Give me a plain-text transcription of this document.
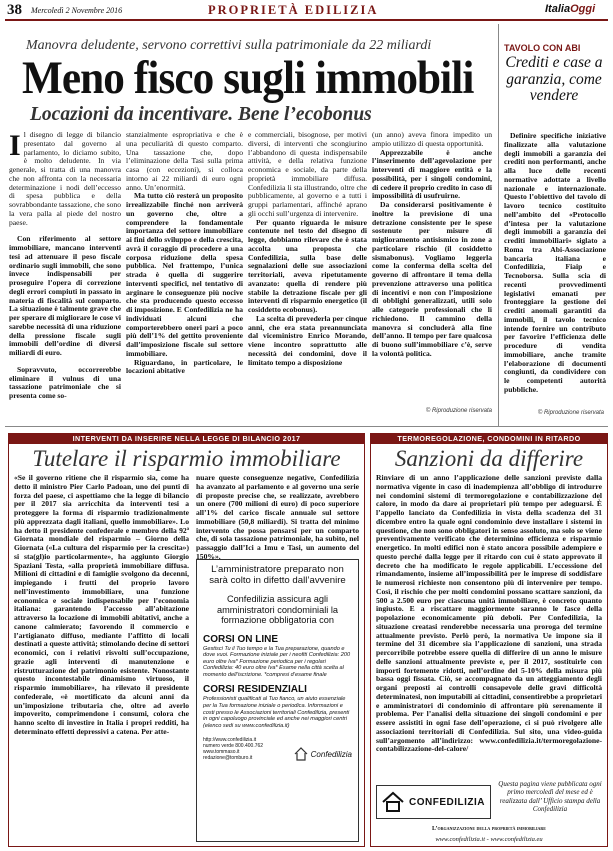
38 Mercoledì 2 Novembre 2016	PROPRIETÀ EDILIZIA	ItaliaOggi
Manovra deludente, servono correttivi sulla patrimoniale da 22 miliardi
Meno fisco sugli immobili
Locazioni da incentivare. Bene l’ecobonus
TAVOLO CON ABI
Crediti e case a garanzia, come vendere
Definire specifiche iniziative finalizzate alla valutazione degli immobili a garanzia dei crediti non performanti, anche alla luce delle recenti normative adottate a livello nazionale e internazionale. Questo l’obiettivo del tavolo di lavoro tecnico costituito nell’ambito del «Protocollo d’intesa per la valutazione degli immobili a garanzia dei crediti immobiliari» siglato a Roma tra Abi-Associazione bancaria italiana e Confedilizia, Fiaip e Tecnoborsa. Sulla scia di recenti provvedimenti legislativi emanati per fronteggiare la gestione dei crediti anomali garantiti da immobili, il tavolo tecnico intende fornire un contributo per favorire l’efficienza delle procedure di vendita immobiliare, anche tramite l’elaborazione di documenti congiunti, da condividere con le competenti autorità pubbliche.
© Riproduzione riservata
I l disegno di legge di bilancio presentato dal governo al parlamento, lo diciamo subito, è molto deludente. In via generale, si tratta di una manovra che non affronta con la necessaria determinazione i nodi dell’eccesso di spesa pubblica e della sovrabbondante tassazione, che sono la vera palla al piede del nostro paese.

Con riferimento al settore immobiliare, mancano interventi tesi ad attenuare il peso fiscale ordinario sugli immobili, che sono invece indispensabili per proseguire l’opera di correzione degli errori compiuti in passato in materia di fiscalità sul comparto. La situazione è talmente grave che per sperare di migliorare le cose vi sarebbe necessità di una riduzione della pressione fiscale sugli immobili dell’ordine di diversi miliardi di euro.

Sopravvuto, occorrerebbe eliminare il vulnus di una tassazione patrimoniale che si presenta come so-

stanzialmente espropriativa e che è una peculiarità di questo comparto. Una tassazione che, dopo l’eliminazione della Tasi sulla prima casa (con eccezioni), si colloca intorno ai 22 miliardi di euro ogni anno. Un’enormità.

Ma tutto ciò resterà un proposito irrealizzabile finché non arriverà un governo che, oltre a comprendere la fondamentale importanza del settore immobiliare ai fini dello sviluppo e della crescita, avrà il coraggio di procedere a una corposa riduzione della spesa pubblica. Nel frattempo, l’unica strada è quella di suggerire interventi specifici, nel tentativo di arginare le conseguenze più nocive che sta producendo questo eccesso di imposizione. E Confedilizia ne ha individuati alcuni che comporterebbero oneri pari a poco più dell’1% del gettito proveniente dall’imposizione fiscale sul settore immobiliare.

Riguardano, in particolare, le locazioni abitative

e commerciali, bisognose, per motivi diversi, di interventi che scongiurino l’abbandono di questa indispensabile attività, e della relativa funzione economica e sociale, da parte della proprietà immobiliare diffusa. Confedilizia li sta illustrando, oltre che pubblicamente, al governo e a tutti i gruppi parlamentari, affinché aprano gli occhi sull’urgenza di intervenire.

Per quanto riguarda le misure contenute nel testo del disegno di legge, dobbiamo rilevare che è stata accolta una proposta che Confedilizia, sulla base delle segnalazioni delle sue associazioni territoriali, aveva ripetutamente avanzato: quella di rendere più stabile la detrazione fiscale per gli interventi di risparmio energetico (il cosiddetto ecobonus).

La scelta di prevederla per cinque anni, che era stata preannunciata dal viceministro Enrico Morando, viene incontro soprattutto alle necessità dei condomini, dove il limitato tempo a disposizione

(un anno) aveva finora impedito un ampio utilizzo di questa opportunità.

Apprezzabile è anche l’inserimento dell’agevolazione per interventi di maggiore entità e la possibilità, per i singoli condomini, di cedere il proprio credito in caso di impossibilità di usufruirne.

Da considerarsi positivamente è inoltre la previsione di una detrazione consistente per le spese sostenute per misure di miglioramento antisismico in zone a particolare rischio (il cosiddetto sismabonus). Vogliamo leggerla come la conferma della scelta del governo di affrontare il tema della prevenzione attraverso una politica di incentivi e non con l’imposizione di obblighi generalizzati, utili solo alle categorie professionali che li richiedono. Il cammino della manovra si concluderà alla fine dell’anno. Il tempo per fare qualcosa di buono sull’immobiliare c’è, serve la volontà politica.

© Riproduzione riservata
INTERVENTI DA INSERIRE NELLA LEGGE DI BILANCIO 2017
Tutelare il risparmio immobiliare
«Se il governo ritiene che il risparmio sia, come ha detto il ministro Pier Carlo Padoan, uno dei punti di forza del paese, ci aspettiamo che la legge di bilancio per il 2017 sia arricchita da interventi tesi a proteggere la forma di risparmio tradizionalmente più apprezzata dagli italiani, quello immobiliare». Lo ha detto il presidente confederale e membro della 92ª Giornata mondiale del risparmio – Giorno della Giornata («La cultura del risparmio per la crescita») si sta(gl)io particolarmente», ha aggiunto Giorgio Spaziani Testa, «alla proprietà immobiliare diffusa. Milioni di cittadini e di famiglie svolgono da decenni, impiegando i frutti del proprio lavoro nell’investimento immobiliare, una funzione economica e sociale indispensabile per l’economia italiana: garantendo l’accesso all’abitazione attraverso la locazione di immobili abitativi, anche a canone calmierato; favorendo il commercio e l’artigianato diffuso, mediante l’affitto di locali destinati a queste attività; stimolando decine di settori economici, con i relativi risvolti sull’occupazione, grazie agli interventi di manutenzione e ristrutturazione del patrimonio esistente. Nonostante questo incontestabile dinamismo virtuoso, il risparmio immobiliare», ha rilevato il presidente confederale, «è mortificato da alcuni anni da un’imposizione tributaria che, oltre ad averlo impoverito, comprimendone i consumi, colora che hanno scelto di investire in Italia i propri redditi, ha determinato effetti depressivi a catena. Per atte-
nuare queste conseguenze negative, Confedilizia ha avanzato al parlamento e al governo una serie di proposte precise che, se realizzate, avrebbero un onere (700 milioni di euro) di poco superiore all’1% del carico fiscale annuale sul settore immobiliare (50,8 miliardi). Si tratta del minimo intervento che possa pensarsi per un comparto che, di sola tassazione patrimoniale, ha subìto, nel passaggio dall’Ici a Imu e Tasi, un aumento del 150%».
L’amministratore preparato non sarà colto in difetto dall’avvenire
Confedilizia assicura agli amministratori condominiali la formazione obbligatoria con
CORSI ON LINE
Gestisci Tu il Tuo tempo e la Tua preparazione, quando e dove vuoi. Formazione iniziale per i neofiti Confedilizia: 200 euro oltre Iva* Formazione periodica per i regolari Confedilizia: 40 euro oltre Iva* Esame nella città scelta al momento dell’iscrizione. *compresi d’esame finale
CORSI RESIDENZIALI
Professionisti qualificati al Tuo fianco, un aiuto essenziale per la Tua formazione iniziale o periodica. Informazioni e costi presso le Associazioni territoriali Confedilizia, presenti in ogni capoluogo provinciale ed anche nei maggiori centri (elenco sedi su www.confedilizia.it)
http://www.confedilizia.it numero verde 800.400.762 www.tommaso.it redazione@tomburo.it	Confedilizia
TERMOREGOLAZIONE, CONDOMINI IN RITARDO
Sanzioni da differire
Rinviare di un anno l’applicazione delle sanzioni previste dalla normativa vigente in caso di inadempienza all’obbligo di introdurre nei condomini sistemi di termoregolazione e contabilizzazione del calore, in modo da dare ai proprietari più tempo per adeguarsi. È l’appello lanciato da Confedilizia in vista della scadenza del 31 dicembre entro la quale ogni condominio deve installare i sistemi in questione, che non sono obbligatori in senso assoluto, ma solo se viene preventivamente verificato che determinino efficienza e risparmio energetico. In molti edifici non è stato ancora possibile adempiere e questo perché dalla legge per il ritardo con cui è stato approvato il decreto che ha modificato le regole applicabili. L’eccessione del rimandamento, insieme all’impossibilità per le imprese di soddisfare le numerosi richieste non consentono più di intervenire per tempo. Così, il rischio che per molti condomini possano scattare sanzioni, da 500 a 2.500 euro per ciascuna unità immobiliare, è concreto quanto ingiusto. E a riscattare maggiormente saranno le fasce della popolazione economicamente più deboli. Per Confedilizia, la situazione creatasi renderebbe necessaria una proroga del termine attualmente previsto. Perlò però, la normativa Ue impone sia il termine del 31 dicembre sia l’applicazione di sanzioni, una strada percorribile potrebbe essere quella di differire di un anno le misure delle sanzioni attualmente previste e, per il 2017, sostituirle con importi fortemente ridotti, nell’ordine del 5-10% della misura più bassa oggi fissata. Ciò, se accompagnato da un atteggiamento degli organi preposti ai controlli consapevole delle gravi difficoltà determinatesi, non imputabili ai cittadini, consentirebbe a proprietari e amministratori di condominio di affrontare più serenamente il problema. Per l’analisi della situazione dei singoli condomini e per essere assistiti in ogni fase dell’operazione, ci si può rivolgere alle associazioni territoriali di Confedilizia. Sul sito, una video-guida sull’argomento all’indirizzo: www.confedilizia.it/termoregolazione-contabilizzazione-del-calore/
CONFEDILIZIA
Questa pagina viene pubblicata ogni primo mercoledì del mese ed è realizzata dall’ Ufficio stampa della Confedilizia
L’organizzazione della proprietà immobiliare
www.confedilizia.it - www.confedilizia.eu
